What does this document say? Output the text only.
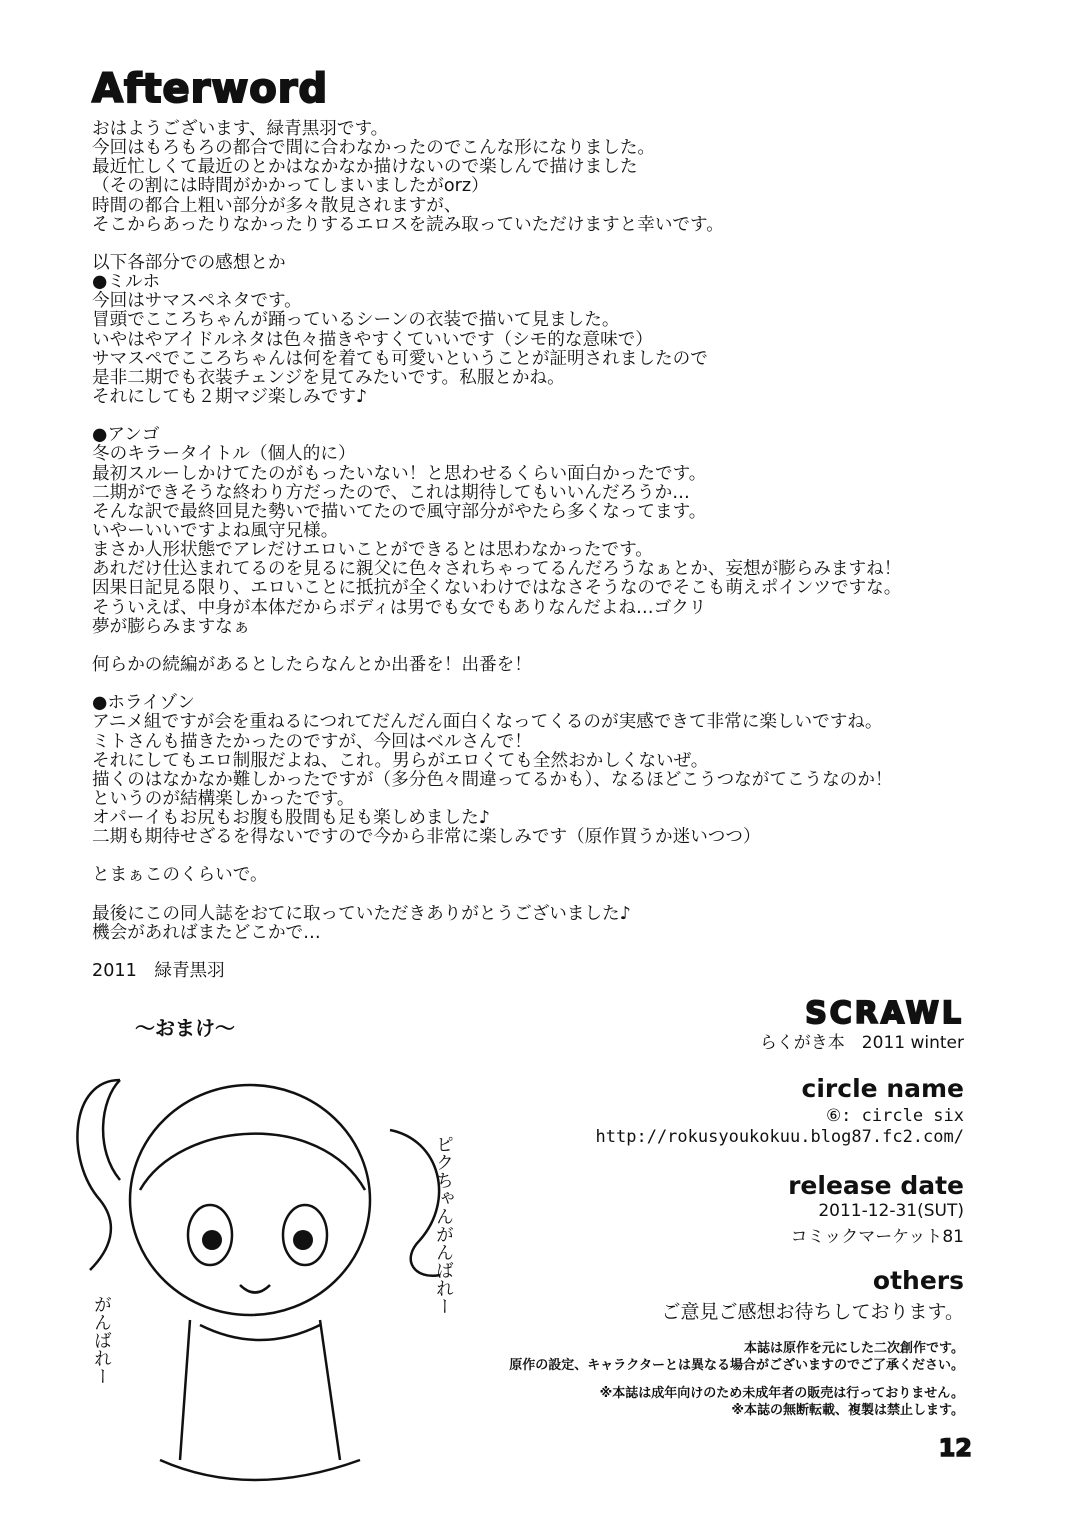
Afterword
おはようございます、緑青黒羽です。
今回はもろもろの都合で間に合わなかったのでこんな形になりました。
最近忙しくて最近のとかはなかなか描けないので楽しんで描けました
（その割には時間がかかってしまいましたがorz）
時間の都合上粗い部分が多々散見されますが、
そこからあったりなかったりするエロスを読み取っていただけますと幸いです。
以下各部分での感想とか
●ミルホ
今回はサマスペネタです。
冒頭でこころちゃんが踊っているシーンの衣装で描いて見ました。
いやはやアイドルネタは色々描きやすくていいです（シモ的な意味で）
サマスペでこころちゃんは何を着ても可愛いということが証明されましたので
是非二期でも衣装チェンジを見てみたいです。私服とかね。
それにしても２期マジ楽しみです♪
●アンゴ
冬のキラータイトル（個人的に）
最初スルーしかけてたのがもったいない！と思わせるくらい面白かったです。
二期ができそうな終わり方だったので、これは期待してもいいんだろうか…
そんな訳で最終回見た勢いで描いてたので風守部分がやたら多くなってます。
いやーいいですよね風守兄様。
まさか人形状態でアレだけエロいことができるとは思わなかったです。
あれだけ仕込まれてるのを見るに親父に色々されちゃってるんだろうなぁとか、妄想が膨らみますね！
因果日記見る限り、エロいことに抵抗が全くないわけではなさそうなのでそこも萌えポインツですな。
そういえば、中身が本体だからボディは男でも女でもありなんだよね…ゴクリ
夢が膨らみますなぁ
何らかの続編があるとしたらなんとか出番を！出番を！
●ホライゾン
アニメ組ですが会を重ねるにつれてだんだん面白くなってくるのが実感できて非常に楽しいですね。
ミトさんも描きたかったのですが、今回はベルさんで！
それにしてもエロ制服だよね、これ。男らがエロくても全然おかしくないぜ。
描くのはなかなか難しかったですが（多分色々間違ってるかも）、なるほどこうつながてこうなのか！
というのが結構楽しかったです。
オパーイもお尻もお腹も股間も足も楽しめました♪
二期も期待せざるを得ないですので今から非常に楽しみです（原作買うか迷いつつ）
とまぁこのくらいで。
最後にこの同人誌をおてに取っていただきありがとうございました♪
機会があればまたどこかで…
2011　緑青黒羽
〜おまけ〜
ピクちゃんがんばれー
がんばれー
SCRAWL
らくがき本　2011 winter
circle name
⑥: circle six
http://rokusyoukokuu.blog87.fc2.com/
release date
2011-12-31(SUT)
コミックマーケット81
others
ご意見ご感想お待ちしております。
本誌は原作を元にした二次創作です。
原作の設定、キャラクターとは異なる場合がございますのでご了承ください。
※本誌は成年向けのため未成年者の販売は行っておりません。
※本誌の無断転載、複製は禁止します。
12
